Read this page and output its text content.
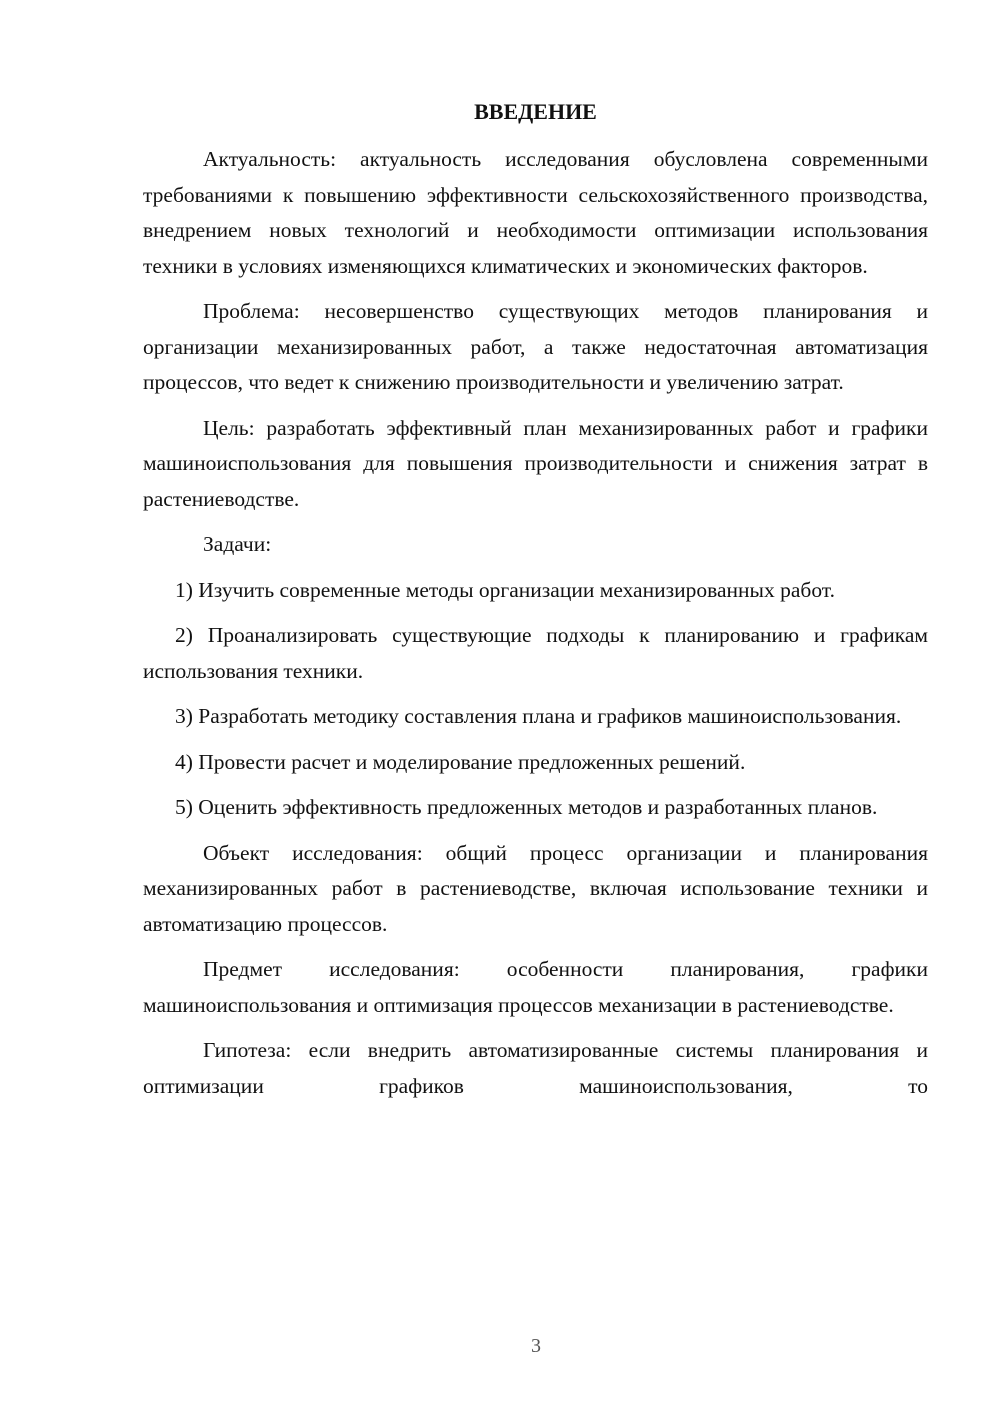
ВВЕДЕНИЕ

Актуальность: актуальность исследования обусловлена современными требованиями к повышению эффективности сельскохозяйственного производства, внедрением новых технологий и необходимости оптимизации использования техники в условиях изменяющихся климатических и экономических факторов.

Проблема: несовершенство существующих методов планирования и организации механизированных работ, а также недостаточная автоматизация процессов, что ведет к снижению производительности и увеличению затрат.

Цель: разработать эффективный план механизированных работ и графики машиноиспользования для повышения производительности и снижения затрат в растениеводстве.

Задачи:

1) Изучить современные методы организации механизированных работ.

2) Проанализировать существующие подходы к планированию и графикам использования техники.

3) Разработать методику составления плана и графиков машиноиспользования.

4) Провести расчет и моделирование предложенных решений.

5) Оценить эффективность предложенных методов и разработанных планов.

Объект исследования: общий процесс организации и планирования механизированных работ в растениеводстве, включая использование техники и автоматизацию процессов.

Предмет исследования: особенности планирования, графики машиноиспользования и оптимизация процессов механизации в растениеводстве.

Гипотеза: если внедрить автоматизированные системы планирования и оптимизации графиков машиноиспользования, то

3
